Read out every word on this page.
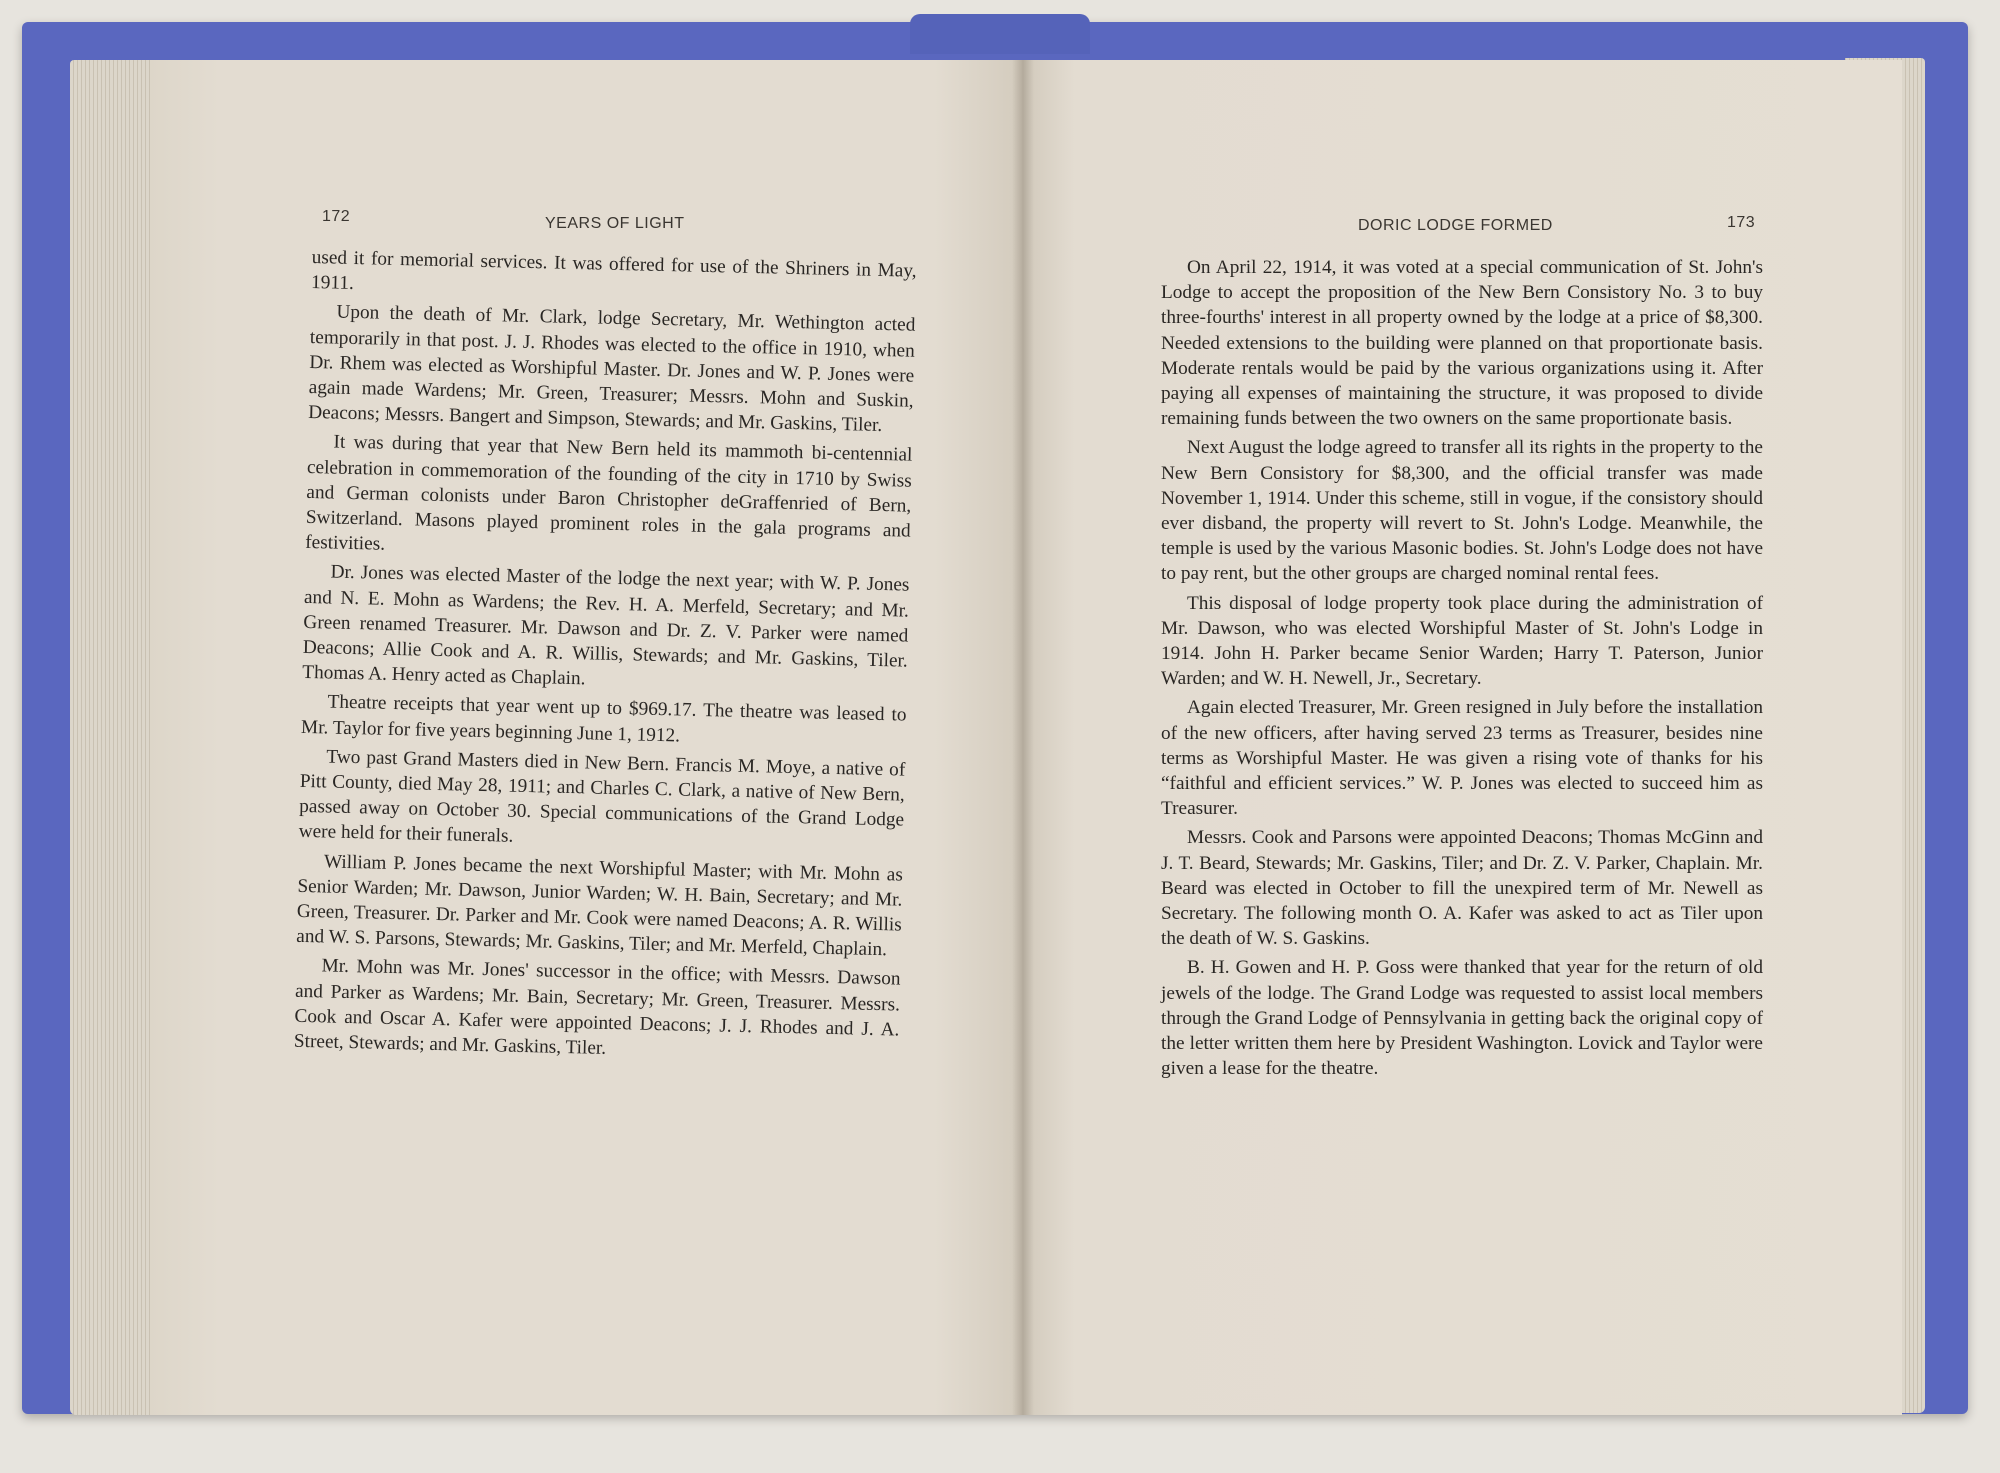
172	YEARS OF LIGHT	DORIC LODGE FORMED	173

used it for memorial services. It was offered for use of the Shriners in May, 1911.

Upon the death of Mr. Clark, lodge Secretary, Mr. Wethington acted temporarily in that post. J. J. Rhodes was elected to the office in 1910, when Dr. Rhem was elected as Worshipful Master. Dr. Jones and W. P. Jones were again made Wardens; Mr. Green, Treasurer; Messrs. Mohn and Suskin, Deacons; Messrs. Bangert and Simpson, Stewards; and Mr. Gaskins, Tiler.

It was during that year that New Bern held its mammoth bi-centennial celebration in commemoration of the founding of the city in 1710 by Swiss and German colonists under Baron Christopher deGraffenried of Bern, Switzerland. Masons played prominent roles in the gala programs and festivities.

Dr. Jones was elected Master of the lodge the next year; with W. P. Jones and N. E. Mohn as Wardens; the Rev. H. A. Merfeld, Secretary; and Mr. Green renamed Treasurer. Mr. Dawson and Dr. Z. V. Parker were named Deacons; Allie Cook and A. R. Willis, Stewards; and Mr. Gaskins, Tiler. Thomas A. Henry acted as Chaplain.

Theatre receipts that year went up to $969.17. The theatre was leased to Mr. Taylor for five years beginning June 1, 1912.

Two past Grand Masters died in New Bern. Francis M. Moye, a native of Pitt County, died May 28, 1911; and Charles C. Clark, a native of New Bern, passed away on October 30. Special communications of the Grand Lodge were held for their funerals.

William P. Jones became the next Worshipful Master; with Mr. Mohn as Senior Warden; Mr. Dawson, Junior Warden; W. H. Bain, Secretary; and Mr. Green, Treasurer. Dr. Parker and Mr. Cook were named Deacons; A. R. Willis and W. S. Parsons, Stewards; Mr. Gaskins, Tiler; and Mr. Merfeld, Chaplain.

Mr. Mohn was Mr. Jones' successor in the office; with Messrs. Dawson and Parker as Wardens; Mr. Bain, Secretary; Mr. Green, Treasurer. Messrs. Cook and Oscar A. Kafer were appointed Deacons; J. J. Rhodes and J. A. Street, Stewards; and Mr. Gaskins, Tiler.

On April 22, 1914, it was voted at a special communication of St. John's Lodge to accept the proposition of the New Bern Consistory No. 3 to buy three-fourths' interest in all property owned by the lodge at a price of $8,300. Needed extensions to the building were planned on that proportionate basis. Moderate rentals would be paid by the various organizations using it. After paying all expenses of maintaining the structure, it was proposed to divide remaining funds between the two owners on the same proportionate basis.

Next August the lodge agreed to transfer all its rights in the property to the New Bern Consistory for $8,300, and the official transfer was made November 1, 1914. Under this scheme, still in vogue, if the consistory should ever disband, the property will revert to St. John's Lodge. Meanwhile, the temple is used by the various Masonic bodies. St. John's Lodge does not have to pay rent, but the other groups are charged nominal rental fees.

This disposal of lodge property took place during the administration of Mr. Dawson, who was elected Worshipful Master of St. John's Lodge in 1914. John H. Parker became Senior Warden; Harry T. Paterson, Junior Warden; and W. H. Newell, Jr., Secretary.

Again elected Treasurer, Mr. Green resigned in July before the installation of the new officers, after having served 23 terms as Treasurer, besides nine terms as Worshipful Master. He was given a rising vote of thanks for his “faithful and efficient services.” W. P. Jones was elected to succeed him as Treasurer.

Messrs. Cook and Parsons were appointed Deacons; Thomas McGinn and J. T. Beard, Stewards; Mr. Gaskins, Tiler; and Dr. Z. V. Parker, Chaplain. Mr. Beard was elected in October to fill the unexpired term of Mr. Newell as Secretary. The following month O. A. Kafer was asked to act as Tiler upon the death of W. S. Gaskins.

B. H. Gowen and H. P. Goss were thanked that year for the return of old jewels of the lodge. The Grand Lodge was requested to assist local members through the Grand Lodge of Pennsylvania in getting back the original copy of the letter written them here by President Washington. Lovick and Taylor were given a lease for the theatre.
